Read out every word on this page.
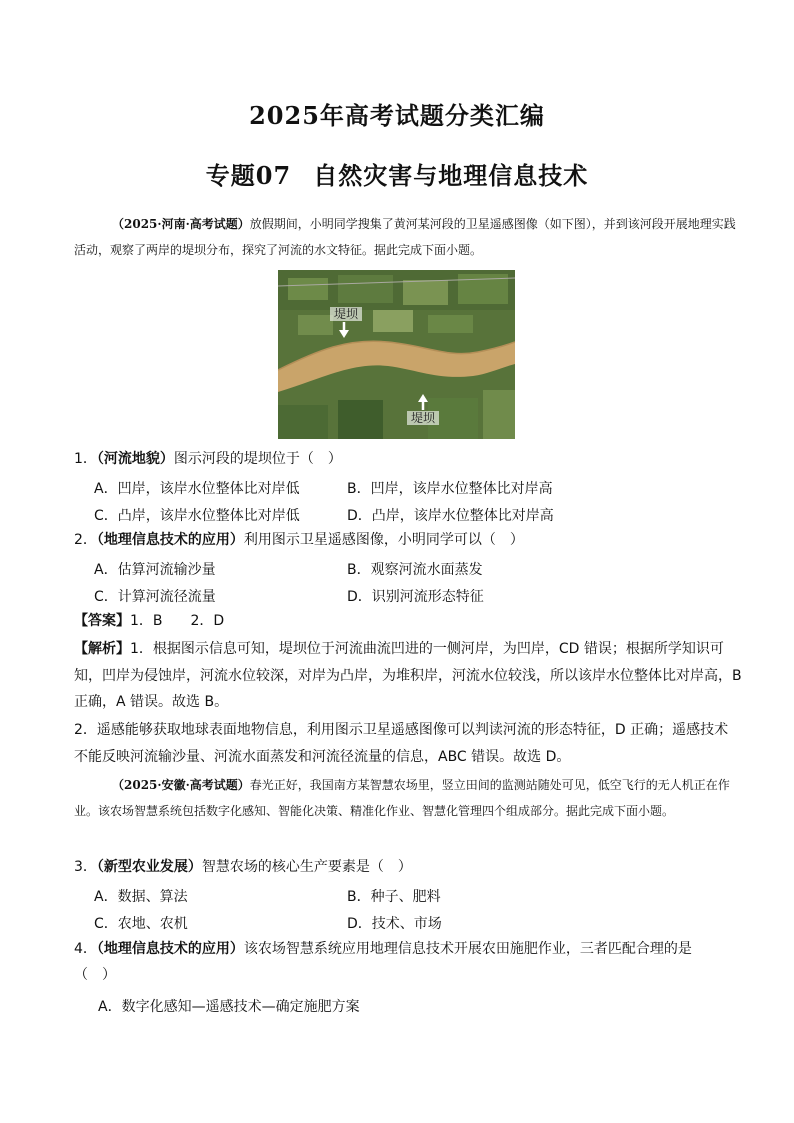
2025年高考试题分类汇编
专题07 自然灾害与地理信息技术
（2025·河南·高考试题）放假期间，小明同学搜集了黄河某河段的卫星遥感图像（如下图），并到该河段开展地理实践活动，观察了两岸的堤坝分布，探究了河流的水文特征。据此完成下面小题。
堤坝
堤坝
1．（河流地貌）图示河段的堤坝位于（　）
A．凹岸，该岸水位整体比对岸低	B．凹岸，该岸水位整体比对岸高
C．凸岸，该岸水位整体比对岸低	D．凸岸，该岸水位整体比对岸高
2．（地理信息技术的应用）利用图示卫星遥感图像，小明同学可以（　）
A．估算河流输沙量	B．观察河流水面蒸发
C．计算河流径流量	D．识别河流形态特征
【答案】1．B　　2．D
【解析】1．根据图示信息可知，堤坝位于河流曲流凹进的一侧河岸，为凹岸，CD 错误；根据所学知识可知，凹岸为侵蚀岸，河流水位较深，对岸为凸岸，为堆积岸，河流水位较浅，所以该岸水位整体比对岸高，B 正确，A 错误。故选 B。
2．遥感能够获取地球表面地物信息，利用图示卫星遥感图像可以判读河流的形态特征，D 正确；遥感技术不能反映河流输沙量、河流水面蒸发和河流径流量的信息，ABC 错误。故选 D。
（2025·安徽·高考试题）春光正好，我国南方某智慧农场里，竖立田间的监测站随处可见，低空飞行的无人机正在作业。该农场智慧系统包括数字化感知、智能化决策、精准化作业、智慧化管理四个组成部分。据此完成下面小题。
3．（新型农业发展）智慧农场的核心生产要素是（　）
A．数据、算法	B．种子、肥料
C．农地、农机	D．技术、市场
4．（地理信息技术的应用）该农场智慧系统应用地理信息技术开展农田施肥作业，三者匹配合理的是
（　）
A．数字化感知—遥感技术—确定施肥方案
